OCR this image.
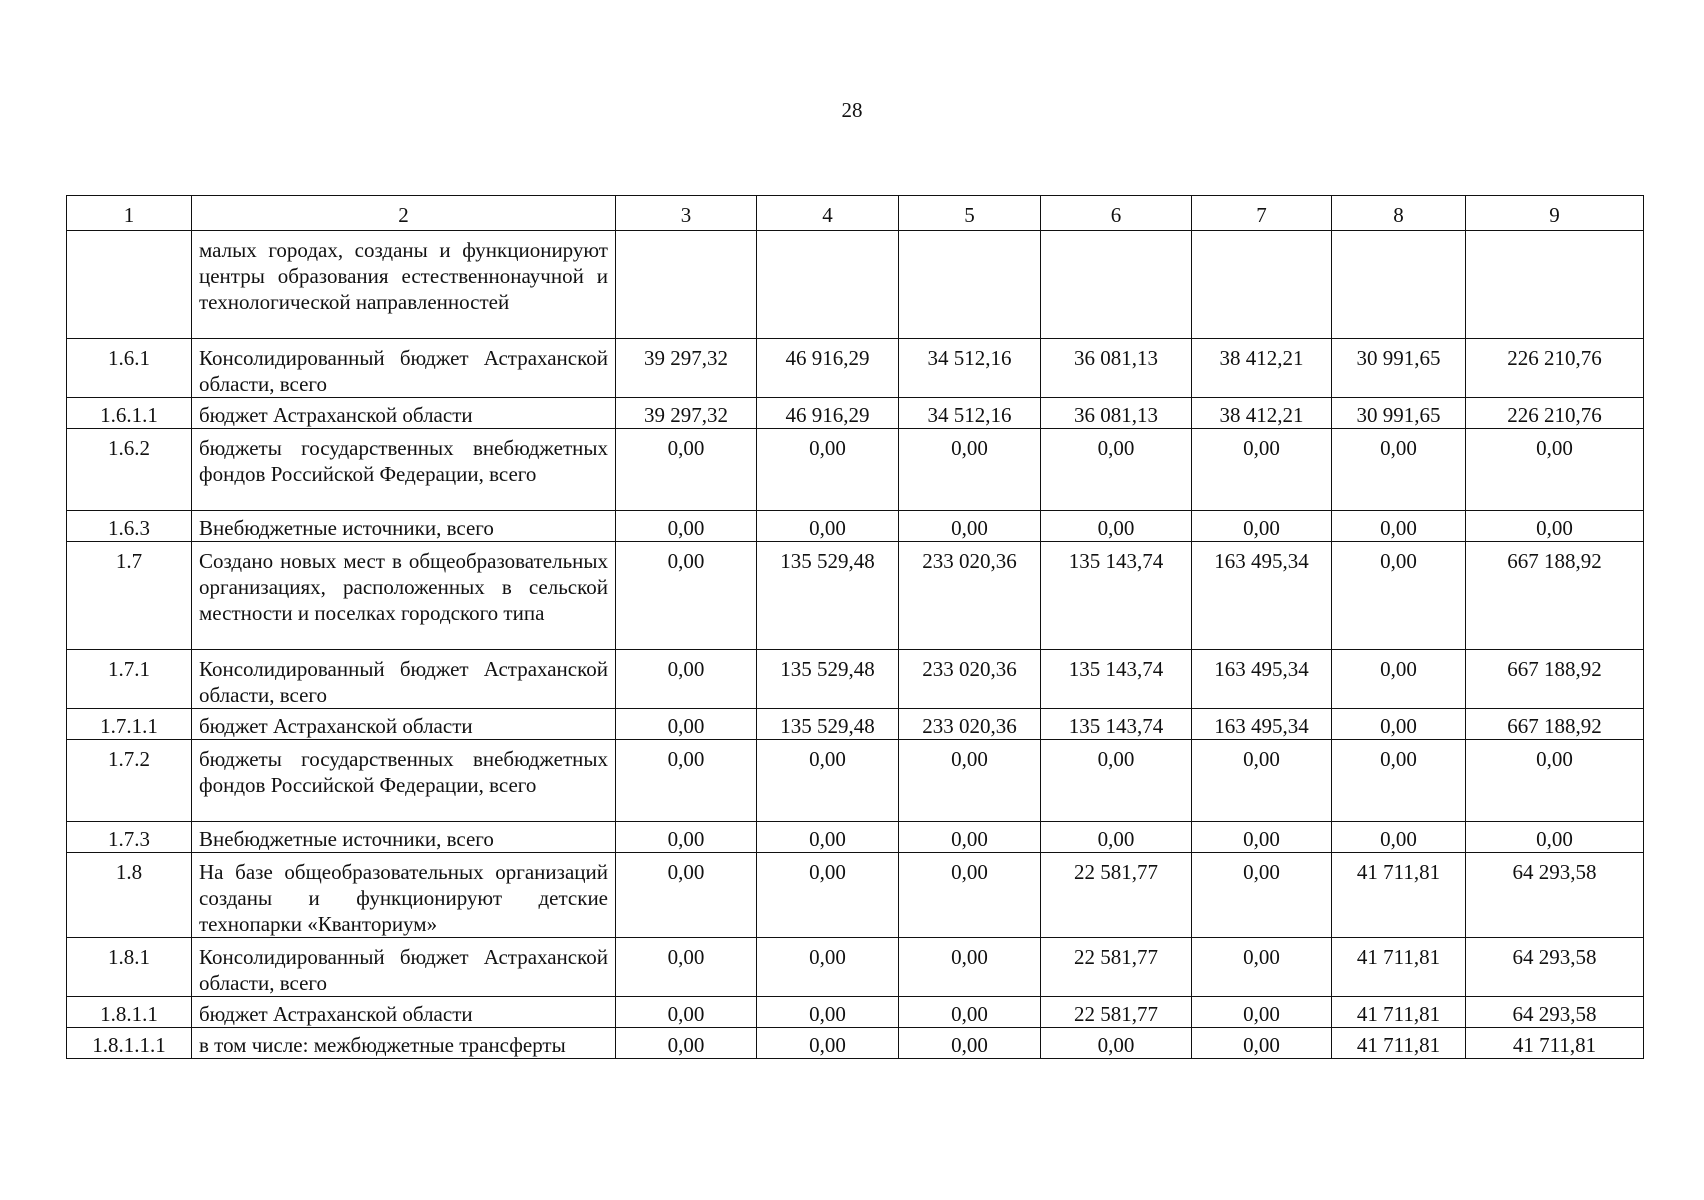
28
1	2	3	4	5	6	7	8	9
	малых городах, созданы и функционируют центры образования естественнонаучной и технологической направленностей							
1.6.1	Консолидированный бюджет Астраханской области, всего	39 297,32	46 916,29	34 512,16	36 081,13	38 412,21	30 991,65	226 210,76
1.6.1.1	бюджет Астраханской области	39 297,32	46 916,29	34 512,16	36 081,13	38 412,21	30 991,65	226 210,76
1.6.2	бюджеты государственных внебюджетных фондов Российской Федерации, всего	0,00	0,00	0,00	0,00	0,00	0,00	0,00
1.6.3	Внебюджетные источники, всего	0,00	0,00	0,00	0,00	0,00	0,00	0,00
1.7	Создано новых мест в общеобразовательных организациях, расположенных в сельской местности и поселках городского типа	0,00	135 529,48	233 020,36	135 143,74	163 495,34	0,00	667 188,92
1.7.1	Консолидированный бюджет Астраханской области, всего	0,00	135 529,48	233 020,36	135 143,74	163 495,34	0,00	667 188,92
1.7.1.1	бюджет Астраханской области	0,00	135 529,48	233 020,36	135 143,74	163 495,34	0,00	667 188,92
1.7.2	бюджеты государственных внебюджетных фондов Российской Федерации, всего	0,00	0,00	0,00	0,00	0,00	0,00	0,00
1.7.3	Внебюджетные источники, всего	0,00	0,00	0,00	0,00	0,00	0,00	0,00
1.8	На базе общеобразовательных организаций созданы и функционируют детские технопарки «Кванториум»	0,00	0,00	0,00	22 581,77	0,00	41 711,81	64 293,58
1.8.1	Консолидированный бюджет Астраханской области, всего	0,00	0,00	0,00	22 581,77	0,00	41 711,81	64 293,58
1.8.1.1	бюджет Астраханской области	0,00	0,00	0,00	22 581,77	0,00	41 711,81	64 293,58
1.8.1.1.1	в том числе: межбюджетные трансферты	0,00	0,00	0,00	0,00	0,00	41 711,81	41 711,81
